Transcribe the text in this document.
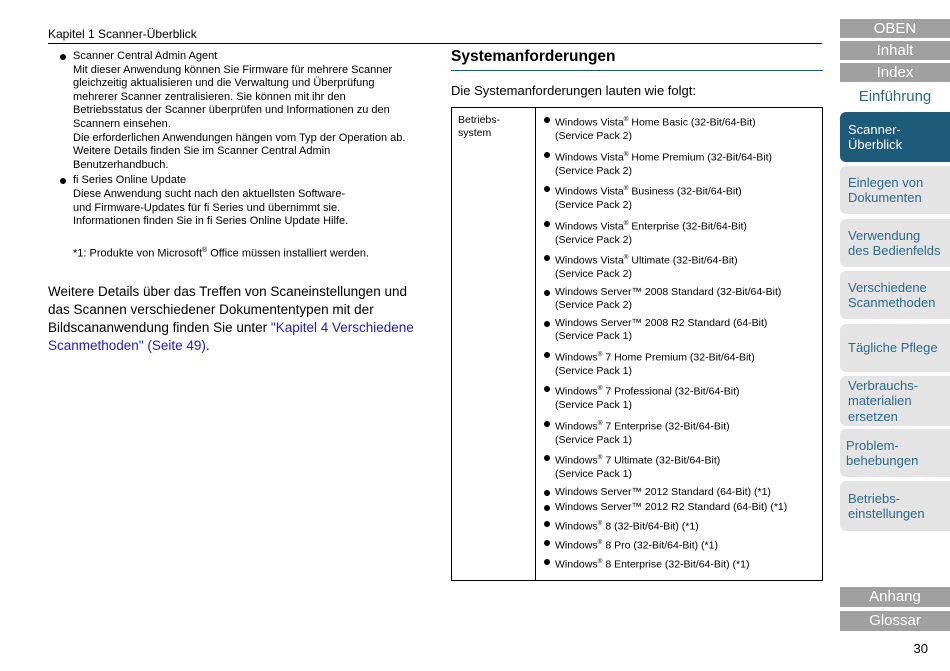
Kapitel 1 Scanner-Überblick
Scanner Central Admin Agent
Mit dieser Anwendung können Sie Firmware für mehrere Scanner
gleichzeitig aktualisieren und die Verwaltung und Überprüfung
mehrerer Scanner zentralisieren. Sie können mit ihr den
Betriebsstatus der Scanner überprüfen und Informationen zu den
Scannern einsehen.
Die erforderlichen Anwendungen hängen vom Typ der Operation ab.
Weitere Details finden Sie im Scanner Central Admin
Benutzerhandbuch.
fi Series Online Update
Diese Anwendung sucht nach den aktuellsten Software-
und Firmware-Updates für fi Series und übernimmt sie.
Informationen finden Sie in fi Series Online Update Hilfe.
*1: Produkte von Microsoft® Office müssen installiert werden.

Weitere Details über das Treffen von Scaneinstellungen und das Scannen verschiedener Dokumententypen mit der Bildscananwendung finden Sie unter "Kapitel 4 Verschiedene Scanmethoden" (Seite 49).

Systemanforderungen
Die Systemanforderungen lauten wie folgt:
Betriebs-
system	
Windows Vista® Home Basic (32-Bit/64-Bit)
(Service Pack 2)
Windows Vista® Home Premium (32-Bit/64-Bit)
(Service Pack 2)
Windows Vista® Business (32-Bit/64-Bit)
(Service Pack 2)
Windows Vista® Enterprise (32-Bit/64-Bit)
(Service Pack 2)
Windows Vista® Ultimate (32-Bit/64-Bit)
(Service Pack 2)
Windows Server™ 2008 Standard (32-Bit/64-Bit)
(Service Pack 2)
Windows Server™ 2008 R2 Standard (64-Bit)
(Service Pack 1)
Windows® 7 Home Premium (32-Bit/64-Bit)
(Service Pack 1)
Windows® 7 Professional (32-Bit/64-Bit)
(Service Pack 1)
Windows® 7 Enterprise (32-Bit/64-Bit)
(Service Pack 1)
Windows® 7 Ultimate (32-Bit/64-Bit)
(Service Pack 1)
Windows Server™ 2012 Standard (64-Bit) (*1)
Windows Server™ 2012 R2 Standard (64-Bit) (*1)
Windows® 8 (32-Bit/64-Bit) (*1)
Windows® 8 Pro (32-Bit/64-Bit) (*1)
Windows® 8 Enterprise (32-Bit/64-Bit) (*1)
OBEN
Inhalt
Index
Einführung
Scanner-
Überblick
Einlegen von
Dokumenten
Verwendung
des Bedienfelds
Verschiedene
Scanmethoden
Tägliche Pflege
Verbrauchs-
materialien
ersetzen
Problem-
behebungen
Betriebs-
einstellungen
Anhang
Glossar
30
